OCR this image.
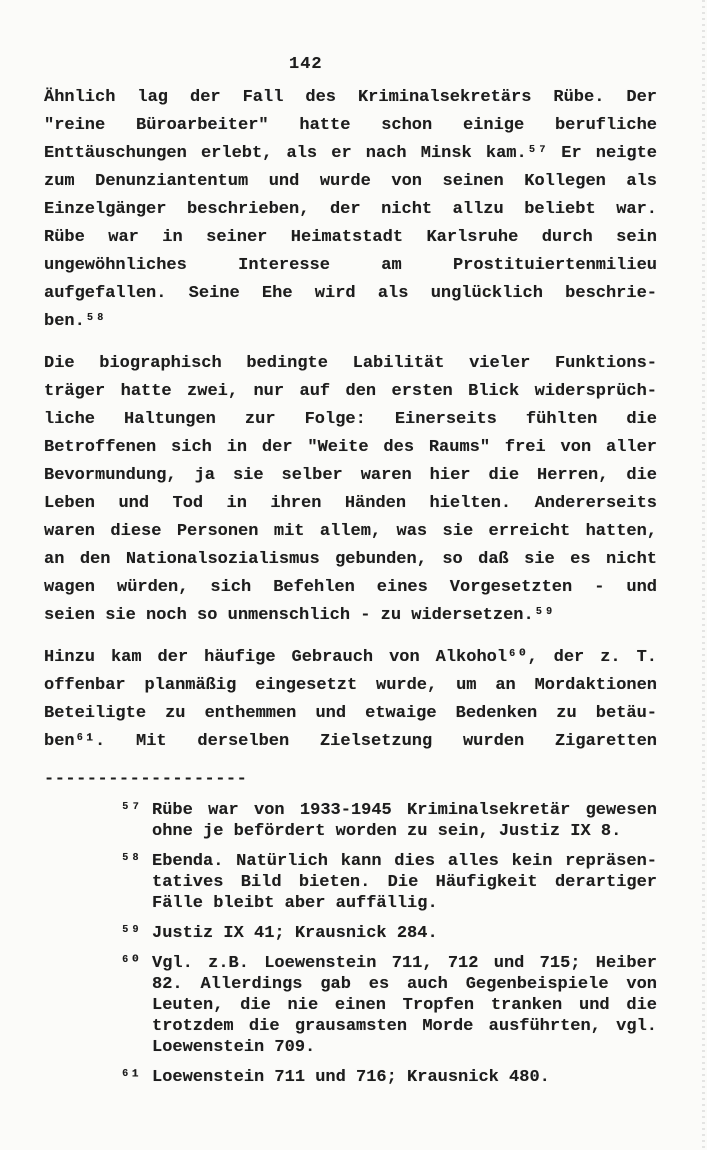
142
Ähnlich lag der Fall des Kriminalsekretärs Rübe. Der
"reine Büroarbeiter" hatte schon einige berufliche
Enttäuschungen erlebt, als er nach Minsk kam.⁵⁷ Er neigte
zum Denunziantentum und wurde von seinen Kollegen als
Einzelgänger beschrieben, der nicht allzu beliebt war.
Rübe war in seiner Heimatstadt Karlsruhe durch sein
ungewöhnliches Interesse am Prostituiertenmilieu
aufgefallen. Seine Ehe wird als unglücklich beschrie-
ben.⁵⁸
Die biographisch bedingte Labilität vieler Funktions-
träger hatte zwei, nur auf den ersten Blick widersprüch-
liche Haltungen zur Folge: Einerseits fühlten die
Betroffenen sich in der "Weite des Raums" frei von aller
Bevormundung, ja sie selber waren hier die Herren, die
Leben und Tod in ihren Händen hielten. Andererseits
waren diese Personen mit allem, was sie erreicht hatten,
an den Nationalsozialismus gebunden, so daß sie es nicht
wagen würden, sich Befehlen eines Vorgesetzten - und
seien sie noch so unmenschlich - zu widersetzen.⁵⁹
Hinzu kam der häufige Gebrauch von Alkohol⁶⁰, der z. T.
offenbar planmäßig eingesetzt wurde, um an Mordaktionen
Beteiligte zu enthemmen und etwaige Bedenken zu betäu-
ben⁶¹. Mit derselben Zielsetzung wurden Zigaretten
-------------------
⁵⁷ Rübe war von 1933-1945 Kriminalsekretär gewesen
ohne je befördert worden zu sein, Justiz IX 8.
⁵⁸ Ebenda. Natürlich kann dies alles kein repräsen-
tatives Bild bieten. Die Häufigkeit derartiger
Fälle bleibt aber auffällig.
⁵⁹ Justiz IX 41; Krausnick 284.
⁶⁰ Vgl. z.B. Loewenstein 711, 712 und 715; Heiber
82. Allerdings gab es auch Gegenbeispiele von
Leuten, die nie einen Tropfen tranken und die
trotzdem die grausamsten Morde ausführten, vgl.
Loewenstein 709.
⁶¹ Loewenstein 711 und 716; Krausnick 480.
